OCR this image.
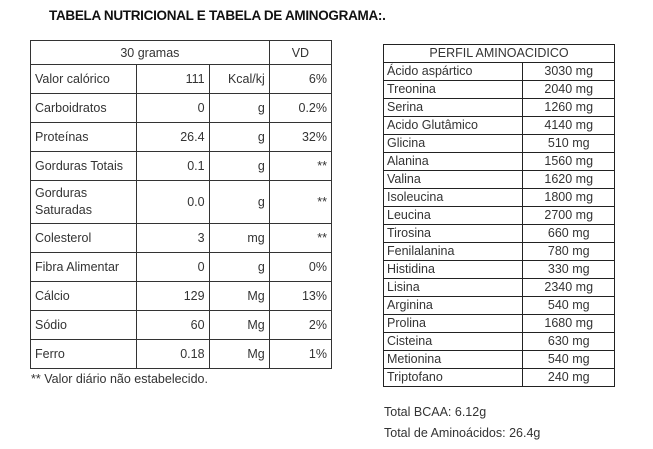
TABELA NUTRICIONAL E TABELA DE AMINOGRAMA:.
30 gramas			VD
Valor calórico	111	Kcal/kj	6%
Carboidratos	0	g	0.2%
Proteínas	26.4	g	32%
Gorduras Totais	0.1	g	**
Gorduras Saturadas	0.0	g	**
Colesterol	3	mg	**
Fibra Alimentar	0	g	0%
Cálcio	129	Mg	13%
Sódio	60	Mg	2%
Ferro	0.18	Mg	1%
** Valor diário não estabelecido.
PERFIL AMINOACIDICO	
Ácido aspártico	3030 mg
Treonina	2040 mg
Serina	1260 mg
Acido Glutâmico	4140 mg
Glicina	510 mg
Alanina	1560 mg
Valina	1620 mg
Isoleucina	1800 mg
Leucina	2700 mg
Tirosina	660 mg
Fenilalanina	780 mg
Histidina	330 mg
Lisina	2340 mg
Arginina	540 mg
Prolina	1680 mg
Cisteina	630 mg
Metionina	540 mg
Triptofano	240 mg
Total BCAA: 6.12g
Total de Aminoácidos: 26.4g
